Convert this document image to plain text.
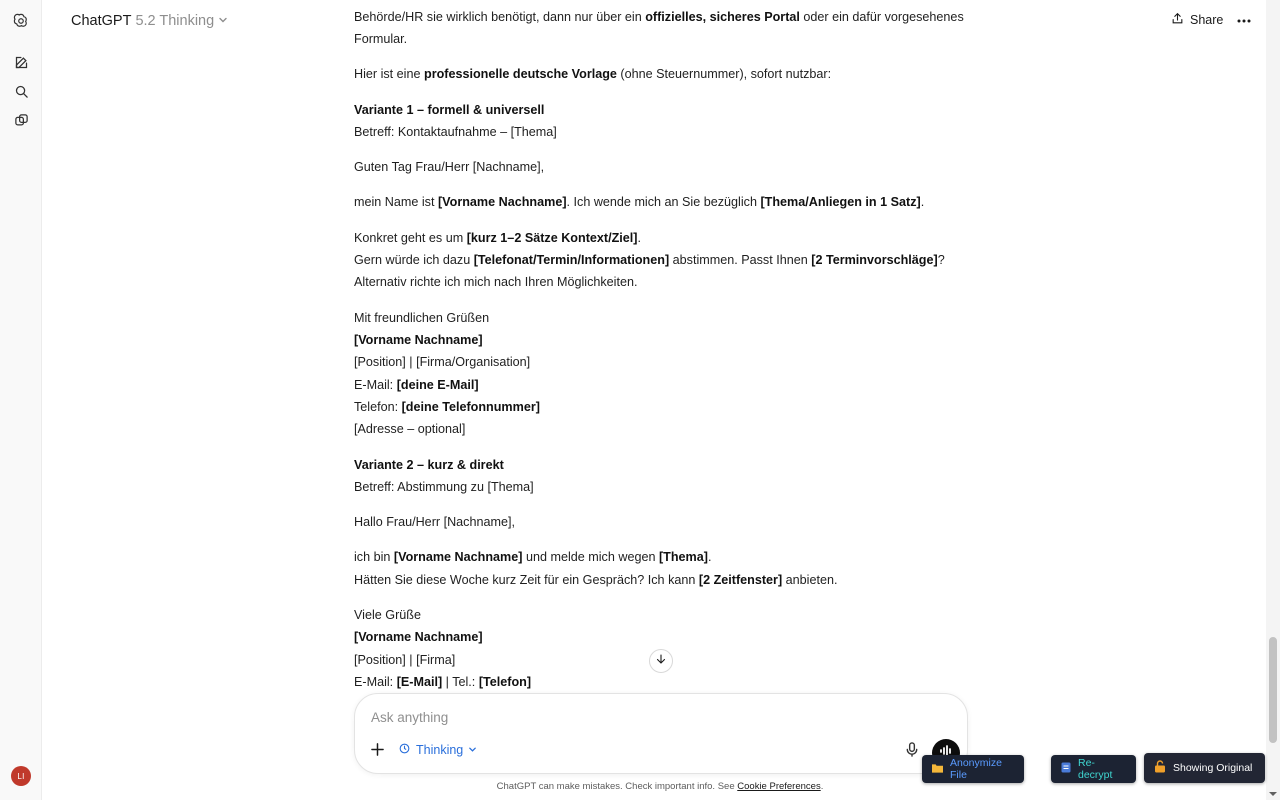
LI
ChatGPT 5.2 Thinking	Share
Behörde/HR sie wirklich benötigt, dann nur über ein offizielles, sicheres Portal oder ein dafür vorgesehenes
Formular.
Hier ist eine professionelle deutsche Vorlage (ohne Steuernummer), sofort nutzbar:
Variante 1 – formell & universell
Betreff: Kontaktaufnahme – [Thema]
Guten Tag Frau/Herr [Nachname],
mein Name ist [Vorname Nachname]. Ich wende mich an Sie bezüglich [Thema/Anliegen in 1 Satz].
Konkret geht es um [kurz 1–2 Sätze Kontext/Ziel].
Gern würde ich dazu [Telefonat/Termin/Informationen] abstimmen. Passt Ihnen [2 Terminvorschläge]?
Alternativ richte ich mich nach Ihren Möglichkeiten.
Mit freundlichen Grüßen
[Vorname Nachname]
[Position] | [Firma/Organisation]
E-Mail: [deine E-Mail]
Telefon: [deine Telefonnummer]
[Adresse – optional]
Variante 2 – kurz & direkt
Betreff: Abstimmung zu [Thema]
Hallo Frau/Herr [Nachname],
ich bin [Vorname Nachname] und melde mich wegen [Thema].
Hätten Sie diese Woche kurz Zeit für ein Gespräch? Ich kann [2 Zeitfenster] anbieten.
Viele Grüße
[Vorname Nachname]
[Position] | [Firma]
E-Mail: [E-Mail] | Tel.: [Telefon]
Ask anything
Thinking
ChatGPT can make mistakes. Check important info. See Cookie Preferences.
Anonymize File
Re-decrypt
Showing Original
